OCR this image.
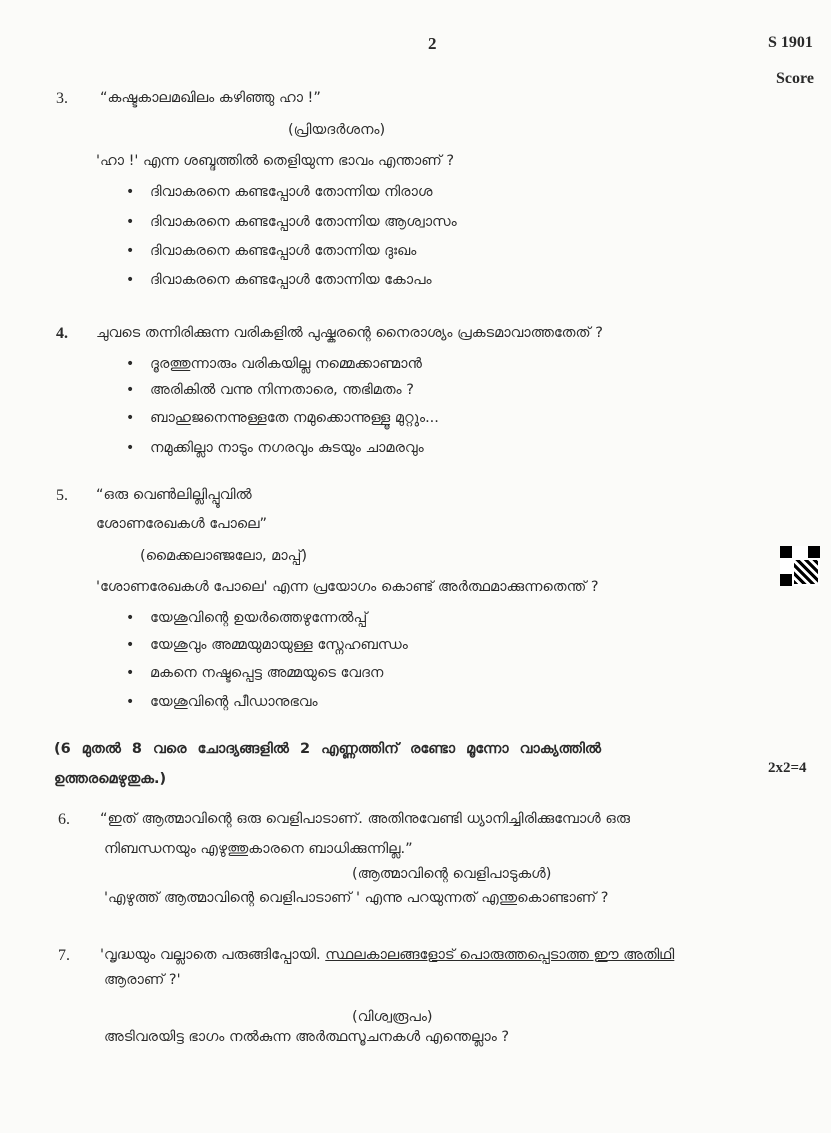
2	S 1901
Score
3. “കഷ്ടകാലമഖിലം കഴിഞ്ഞു ഹാ !”
(പ്രിയദർശനം)
'ഹാ !' എന്ന ശബ്ദത്തിൽ തെളിയുന്ന ഭാവം എന്താണ് ?
• ദിവാകരനെ കണ്ടപ്പോൾ തോന്നിയ നിരാശ
• ദിവാകരനെ കണ്ടപ്പോൾ തോന്നിയ ആശ്വാസം
• ദിവാകരനെ കണ്ടപ്പോൾ തോന്നിയ ദുഃഖം
• ദിവാകരനെ കണ്ടപ്പോൾ തോന്നിയ കോപം
4. ചുവടെ തന്നിരിക്കുന്ന വരികളിൽ പുഷ്കരന്റെ നൈരാശ്യം പ്രകടമാവാത്തതേത് ?
• ദൂരത്തുന്നാരും വരികയില്ല നമ്മെക്കാണ്മാൻ
• അരികിൽ വന്നു നിന്നതാരെ, ന്തഭിമതം ?
• ബാഹുജനെന്നുള്ളതേ നമുക്കൊന്നുള്ളൂ മുറ്റും...
• നമുക്കില്ലാ നാടും നഗരവും കുടയും ചാമരവും
5. “ഒരു വെൺലില്ലിപ്പൂവിൽ
ശോണരേഖകൾ പോലെ”
(മൈക്കലാഞ്ജലോ, മാപ്പ്)
'ശോണരേഖകൾ പോലെ' എന്ന പ്രയോഗം കൊണ്ട് അർത്ഥമാക്കുന്നതെന്ത് ?
• യേശുവിന്റെ ഉയർത്തെഴുന്നേൽപ്പ്
• യേശുവും അമ്മയുമായുള്ള സ്നേഹബന്ധം
• മകനെ നഷ്ടപ്പെട്ട അമ്മയുടെ വേദന
• യേശുവിന്റെ പീഡാനുഭവം
(6 മുതൽ 8 വരെ ചോദ്യങ്ങളിൽ 2 എണ്ണത്തിന് രണ്ടോ മൂന്നോ വാക്യത്തിൽ
ഉത്തരമെഴുതുക.)
2x2=4
6. “ഇത് ആത്മാവിന്റെ ഒരു വെളിപാടാണ്. അതിനുവേണ്ടി ധ്യാനിച്ചിരിക്കുമ്പോൾ ഒരു
നിബന്ധനയും എഴുത്തുകാരനെ ബാധിക്കുന്നില്ല.”
(ആത്മാവിന്റെ വെളിപാടുകൾ)
'എഴുത്ത് ആത്മാവിന്റെ വെളിപാടാണ് ' എന്നു പറയുന്നത് എന്തുകൊണ്ടാണ് ?
7. 'വൃദ്ധയും വല്ലാതെ പരുങ്ങിപ്പോയി. സ്ഥലകാലങ്ങളോട് പൊരുത്തപ്പെടാത്ത ഈ അതിഥി
ആരാണ് ?'
(വിശ്വരൂപം)
അടിവരയിട്ട ഭാഗം നൽകുന്ന അർത്ഥസൂചനകൾ എന്തെല്ലാം ?
